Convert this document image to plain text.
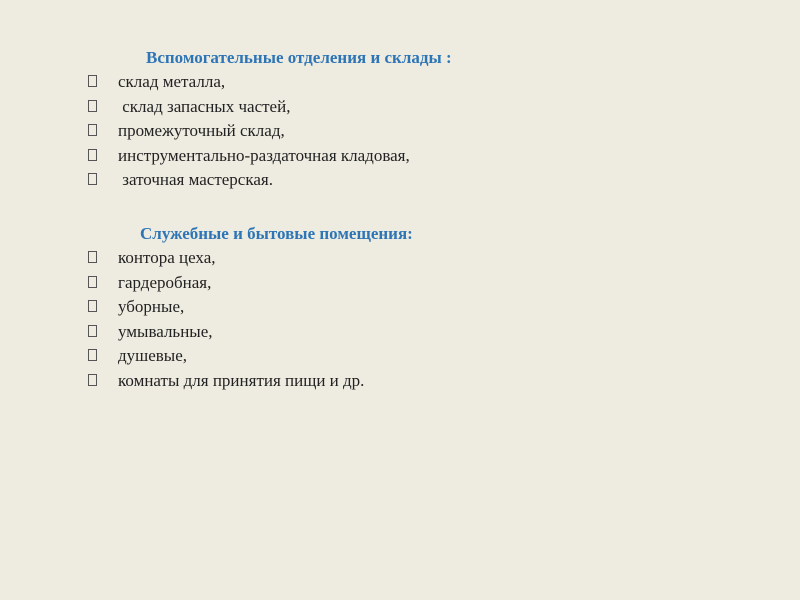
Вспомогательные отделения и склады :
склад металла,
склад запасных частей,
промежуточный склад,
инструментально-раздаточная кладовая,
заточная мастерская.
Служебные и бытовые помещения:
контора цеха,
гардеробная,
уборные,
умывальные,
душевые,
комнаты для принятия пищи и др.
